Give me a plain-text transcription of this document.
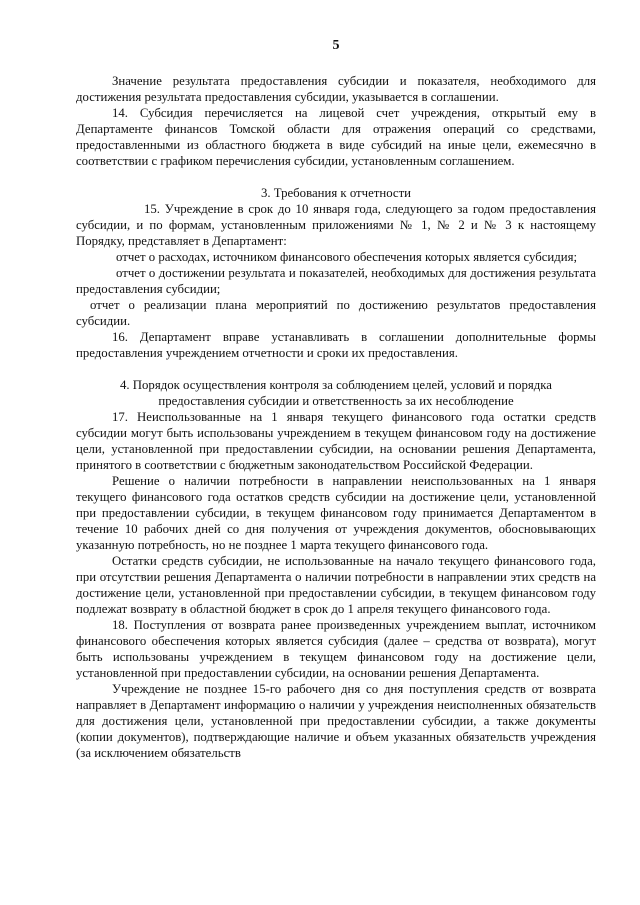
5

Значение результата предоставления субсидии и показателя, необходимого для достижения результата предоставления субсидии, указывается в соглашении.

14. Субсидия перечисляется на лицевой счет учреждения, открытый ему в Департаменте финансов Томской области для отражения операций со средствами, предоставленными из областного бюджета в виде субсидий на иные цели, ежемесячно в соответствии с графиком перечисления субсидии, установленным соглашением.

3. Требования к отчетности

15. Учреждение в срок до 10 января года, следующего за годом предоставления субсидии, и по формам, установленным приложениями № 1, № 2 и № 3 к настоящему Порядку, представляет в Департамент:

отчет о расходах, источником финансового обеспечения которых является субсидия;

отчет о достижении результата и показателей, необходимых для достижения результата предоставления субсидии;

отчет о реализации плана мероприятий по достижению результатов предоставления субсидии.

16. Департамент вправе устанавливать в соглашении дополнительные формы предоставления учреждением отчетности и сроки их предоставления.

4. Порядок осуществления контроля за соблюдением целей, условий и порядка

предоставления субсидии и ответственность за их несоблюдение

17. Неиспользованные на 1 января текущего финансового года остатки средств субсидии могут быть использованы учреждением в текущем финансовом году на достижение цели, установленной при предоставлении субсидии, на основании решения Департамента, принятого в соответствии с бюджетным законодательством Российской Федерации.

Решение о наличии потребности в направлении неиспользованных на 1 января текущего финансового года остатков средств субсидии на достижение цели, установленной при предоставлении субсидии, в текущем финансовом году принимается Департаментом в течение 10 рабочих дней со дня получения от учреждения документов, обосновывающих указанную потребность, но не позднее 1 марта текущего финансового года.

Остатки средств субсидии, не использованные на начало текущего финансового года, при отсутствии решения Департамента о наличии потребности в направлении этих средств на достижение цели, установленной при предоставлении субсидии, в текущем финансовом году подлежат возврату в областной бюджет в срок до 1 апреля текущего финансового года.

18. Поступления от возврата ранее произведенных учреждением выплат, источником финансового обеспечения которых является субсидия (далее – средства от возврата), могут быть использованы учреждением в текущем финансовом году на достижение цели, установленной при предоставлении субсидии, на основании решения Департамента.

Учреждение не позднее 15-го рабочего дня со дня поступления средств от возврата направляет в Департамент информацию о наличии у учреждения неисполненных обязательств для достижения цели, установленной при предоставлении субсидии, а также документы (копии документов), подтверждающие наличие и объем указанных обязательств учреждения (за исключением обязательств
